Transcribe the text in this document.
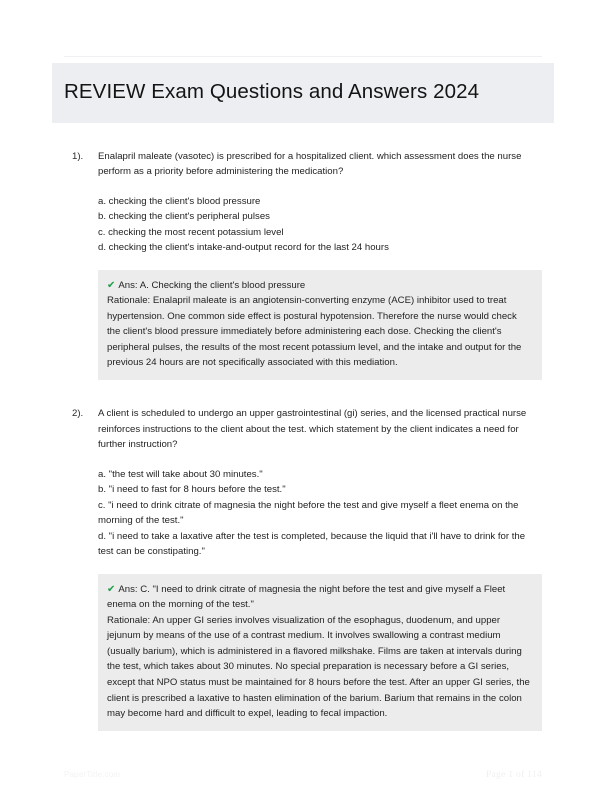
REVIEW Exam Questions and Answers 2024
1).	Enalapril maleate (vasotec) is prescribed for a hospitalized client. which assessment does the nurse perform as a priority before administering the medication?

a. checking the client's blood pressure
b. checking the client's peripheral pulses
c. checking the most recent potassium level
d. checking the client's intake-and-output record for the last 24 hours

✔ Ans: A. Checking the client's blood pressure

Rationale: Enalapril maleate is an angiotensin-converting enzyme (ACE) inhibitor used to treat hypertension. One common side effect is postural hypotension. Therefore the nurse would check the client's blood pressure immediately before administering each dose. Checking the client's peripheral pulses, the results of the most recent potassium level, and the intake and output for the previous 24 hours are not specifically associated with this mediation.

2).	A client is scheduled to undergo an upper gastrointestinal (gi) series, and the licensed practical nurse reinforces instructions to the client about the test. which statement by the client indicates a need for further instruction?

a. "the test will take about 30 minutes."
b. "i need to fast for 8 hours before the test."
c. "i need to drink citrate of magnesia the night before the test and give myself a fleet enema on the morning of the test."
d. "i need to take a laxative after the test is completed, because the liquid that i'll have to drink for the test can be constipating."

✔ Ans: C. "I need to drink citrate of magnesia the night before the test and give myself a Fleet enema on the morning of the test."

Rationale: An upper GI series involves visualization of the esophagus, duodenum, and upper jejunum by means of the use of a contrast medium. It involves swallowing a contrast medium (usually barium), which is administered in a flavored milkshake. Films are taken at intervals during the test, which takes about 30 minutes. No special preparation is necessary before a GI series, except that NPO status must be maintained for 8 hours before the test. After an upper GI series, the client is prescribed a laxative to hasten elimination of the barium. Barium that remains in the colon may become hard and difficult to expel, leading to fecal impaction.

PaperTitle.com	Page 1 of 114
